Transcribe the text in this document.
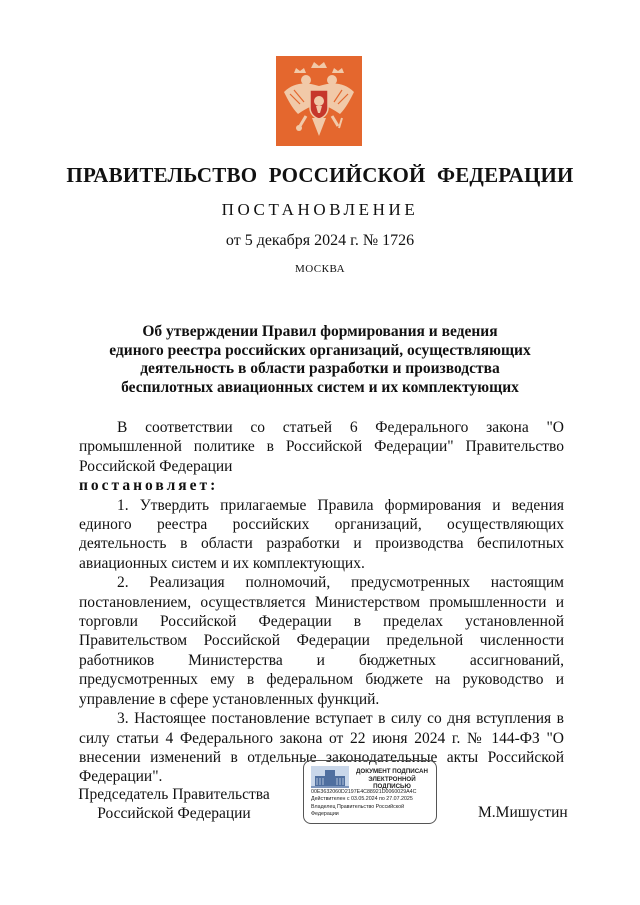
ПРАВИТЕЛЬСТВО РОССИЙСКОЙ ФЕДЕРАЦИИ
ПОСТАНОВЛЕНИЕ
от 5 декабря 2024 г. № 1726
МОСКВА
Об утверждении Правил формирования и ведения
единого реестра российских организаций, осуществляющих
деятельность в области разработки и производства
беспилотных авиационных систем и их комплектующих

В соответствии со статьей 6 Федерального закона "О промышленной политике в Российской Федерации" Правительство Российской Федерации

постановляет:

1. Утвердить прилагаемые Правила формирования и ведения единого реестра российских организаций, осуществляющих деятельность в области разработки и производства беспилотных авиационных систем и их комплектующих.

2. Реализация полномочий, предусмотренных настоящим постановлением, осуществляется Министерством промышленности и торговли Российской Федерации в пределах установленной Правительством Российской Федерации предельной численности работников Министерства и бюджетных ассигнований, предусмотренных ему в федеральном бюджете на руководство и управление в сфере установленных функций.

3. Настоящее постановление вступает в силу со дня вступления в силу статьи 4 Федерального закона от 22 июня 2024 г. № 144-ФЗ "О внесении изменений в отдельные законодательные акты Российской Федерации".

Председатель Правительства
Российской Федерации
ДОКУМЕНТ ПОДПИСАН
ЭЛЕКТРОННОЙ ПОДПИСЬЮ
00E3632060D2197E4C88921D0060029A4C
Действителен с 03.05.2024 по 27.07.2025
Владелец Правительство Российской
Федерации	М.Мишустин
